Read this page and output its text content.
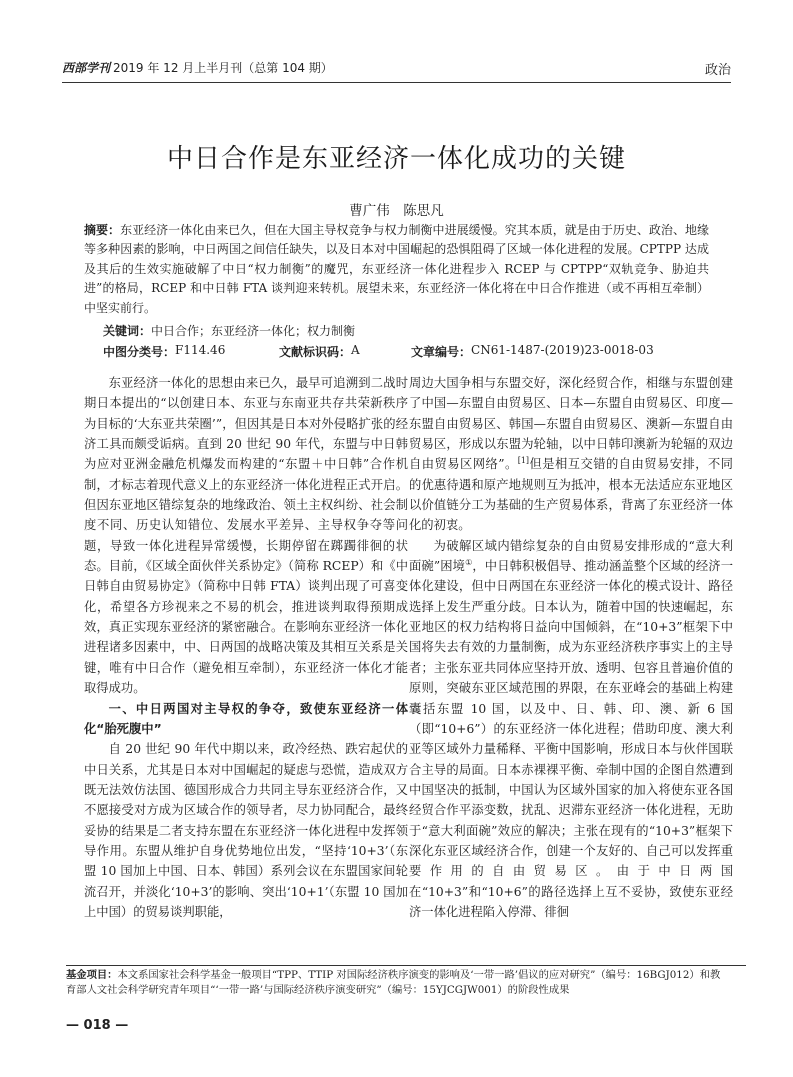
西部学刊 2019 年 12 月上半月刊（总第 104 期）	政治
中日合作是东亚经济一体化成功的关键
曹广伟　陈思凡
摘要：东亚经济一体化由来已久，但在大国主导权竞争与权力制衡中进展缓慢。究其本质，就是由于历史、政治、地缘等多种因素的影响，中日两国之间信任缺失，以及日本对中国崛起的恐惧阻碍了区域一体化进程的发展。CPTPP 达成及其后的生效实施破解了中日“权力制衡”的魔咒，东亚经济一体化进程步入 RCEP 与 CPTPP“双轨竞争、胁迫共进”的格局，RCEP 和中日韩 FTA 谈判迎来转机。展望未来，东亚经济一体化将在中日合作推进（或不再相互牵制）中坚实前行。
关键词：中日合作；东亚经济一体化；权力制衡
中图分类号： F114.46	文献标识码： A	文章编号： CN61-1487-(2019)23-0018-03

东亚经济一体化的思想由来已久，最早可追溯到二战时期日本提出的“以创建日本、东亚与东南亚共存共荣新秩序为目标的‘大东亚共荣圈’”，但因其是日本对外侵略扩张的经济工具而颇受诟病。直到 20 世纪 90 年代，东盟与中日韩为应对亚洲金融危机爆发而构建的“东盟＋中日韩”合作机制，才标志着现代意义上的东亚经济一体化进程正式开启。但因东亚地区错综复杂的地缘政治、领土主权纠纷、社会制度不同、历史认知错位、发展水平差异、主导权争夺等问题，导致一体化进程异常缓慢，长期停留在踯躅徘徊的状态。目前，《区域全面伙伴关系协定》（简称 RCEP）和《中日韩自由贸易协定》（简称中日韩 FTA）谈判出现了可喜变化，希望各方珍视来之不易的机会，推进谈判取得预期成效，真正实现东亚经济的紧密融合。在影响东亚经济一体化进程诸多因素中，中、日两国的战略决策及其相互关系是关键，唯有中日合作（避免相互牵制），东亚经济一体化才能取得成功。

一、中日两国对主导权的争夺，致使东亚经济一体化“胎死腹中”

自 20 世纪 90 年代中期以来，政冷经热、跌宕起伏的中日关系，尤其是日本对中国崛起的疑虑与恐慌，造成双方既无法效仿法国、德国形成合力共同主导东亚经济合作，又不愿接受对方成为区域合作的领导者，尽力协同配合，最终妥协的结果是二者支持东盟在东亚经济一体化进程中发挥领导作用。东盟从维护自身优势地位出发，“坚持‘10+3’（东盟 10 国加上中国、日本、韩国）系列会议在东盟国家间轮流召开，并淡化‘10+3’的影响、突出‘10+1’（东盟 10 国加上中国）的贸易谈判职能，

周边大国争相与东盟交好，深化经贸合作，相继与东盟创建了中国—东盟自由贸易区、日本—东盟自由贸易区、印度—东盟自由贸易区、韩国—东盟自由贸易区、澳新—东盟自由贸易区，形成以东盟为轮轴，以中日韩印澳新为轮辐的双边自由贸易区网络”。[1]但是相互交错的自由贸易安排，不同的优惠待遇和原产地规则互为抵冲，根本无法适应东亚地区以价值链分工为基础的生产贸易体系，背离了东亚经济一体化的初衷。

为破解区域内错综复杂的自由贸易安排形成的“意大利面碗”困境①，中日韩积极倡导、推动涵盖整个区域的经济一体化建设，但中日两国在东亚经济一体化的模式设计、路径选择上发生严重分歧。日本认为，随着中国的快速崛起，东亚地区的权力结构将日益向中国倾斜，在“10+3”框架下中国将失去有效的力量制衡，成为东亚经济秩序事实上的主导者；主张东亚共同体应坚持开放、透明、包容且普遍价值的原则，突破东亚区域范围的界限，在东亚峰会的基础上构建囊括东盟 10 国，以及中、日、韩、印、澳、新 6 国（即“10+6”）的东亚经济一体化进程；借助印度、澳大利亚等区域外力量稀释、平衡中国影响，形成日本与伙伴国联合主导的局面。日本赤裸裸平衡、牵制中国的企图自然遭到中国坚决的抵制，中国认为区域外国家的加入将使东亚各国经贸合作平添变数，扰乱、迟滞东亚经济一体化进程，无助于“意大利面碗”效应的解决；主张在现有的“10+3”框架下深化东亚区域经济合作，创建一个友好的、自己可以发挥重要作用的自由贸易区。由于中日两国在“10+3”和“10+6”的路径选择上互不妥协，致使东亚经济一体化进程陷入停滞、徘徊

基金项目：本文系国家社会科学基金一般项目“TPP、TTIP 对国际经济秩序演变的影响及‘一带一路’倡议的应对研究”（编号：16BGJ012）和教育部人文社会科学研究青年项目“‘一带一路’与国际经济秩序演变研究”（编号：15YJCGJW001）的阶段性成果
— 018 —
